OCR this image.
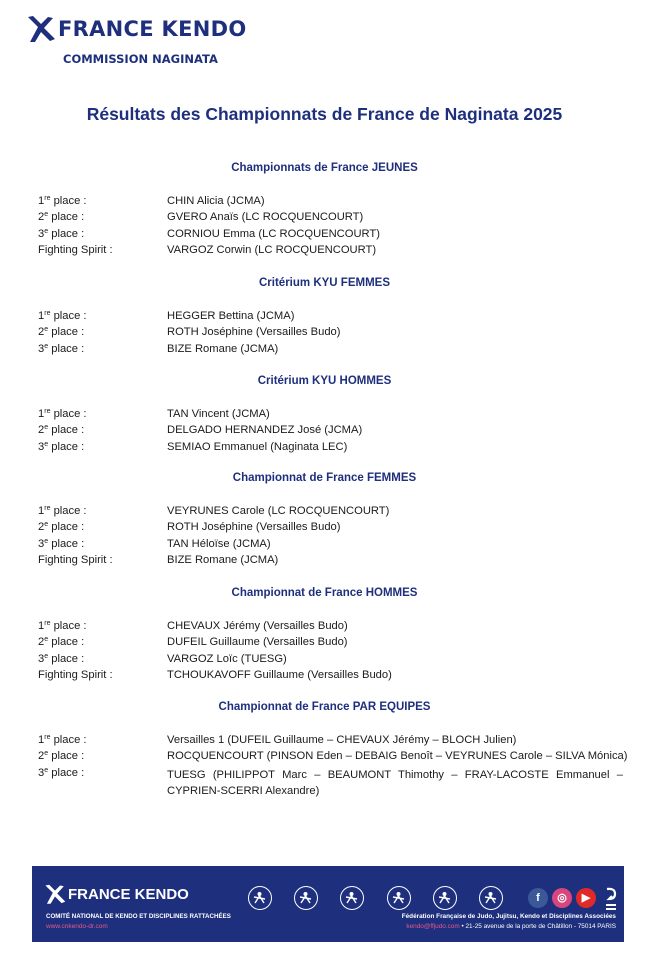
FRANCE KENDO
COMMISSION NAGINATA
Résultats des Championnats de France de Naginata 2025
Championnats de France JEUNES
1re place :	CHIN Alicia (JCMA)
2e place :	GVERO Anaïs (LC ROCQUENCOURT)
3e place :	CORNIOU Emma (LC ROCQUENCOURT)
Fighting Spirit :	VARGOZ Corwin (LC ROCQUENCOURT)
Critérium KYU FEMMES
1re place :	HEGGER Bettina (JCMA)
2e place :	ROTH Joséphine (Versailles Budo)
3e place :	BIZE Romane (JCMA)
Critérium KYU HOMMES
1re place :	TAN Vincent (JCMA)
2e place :	DELGADO HERNANDEZ José (JCMA)
3e place :	SEMIAO Emmanuel (Naginata LEC)
Championnat de France FEMMES
1re place :	VEYRUNES Carole (LC ROCQUENCOURT)
2e place :	ROTH Joséphine (Versailles Budo)
3e place :	TAN Héloïse (JCMA)
Fighting Spirit :	BIZE Romane (JCMA)
Championnat de France HOMMES
1re place :	CHEVAUX Jérémy (Versailles Budo)
2e place :	DUFEIL Guillaume (Versailles Budo)
3e place :	VARGOZ Loïc (TUESG)
Fighting Spirit :	TCHOUKAVOFF Guillaume (Versailles Budo)
Championnat de France PAR EQUIPES
1re place :	Versailles 1 (DUFEIL Guillaume – CHEVAUX Jérémy – BLOCH Julien)
2e place :	ROCQUENCOURT (PINSON Eden – DEBAIG Benoît – VEYRUNES Carole – SILVA Mónica)
3e place :	TUESG (PHILIPPOT Marc – BEAUMONT Thimothy – FRAY-LACOSTE Emmanuel – CYPRIEN-SCERRI Alexandre)
FRANCE KENDO
COMITÉ NATIONAL DE KENDO ET DISCIPLINES RATTACHÉES
www.cnkendo-dr.com
f	◎	▶
Fédération Française de Judo, Jujitsu, Kendo et Disciplines Associées
kendo@ffjudo.com • 21-25 avenue de la porte de Châtillon - 75014 PARIS
